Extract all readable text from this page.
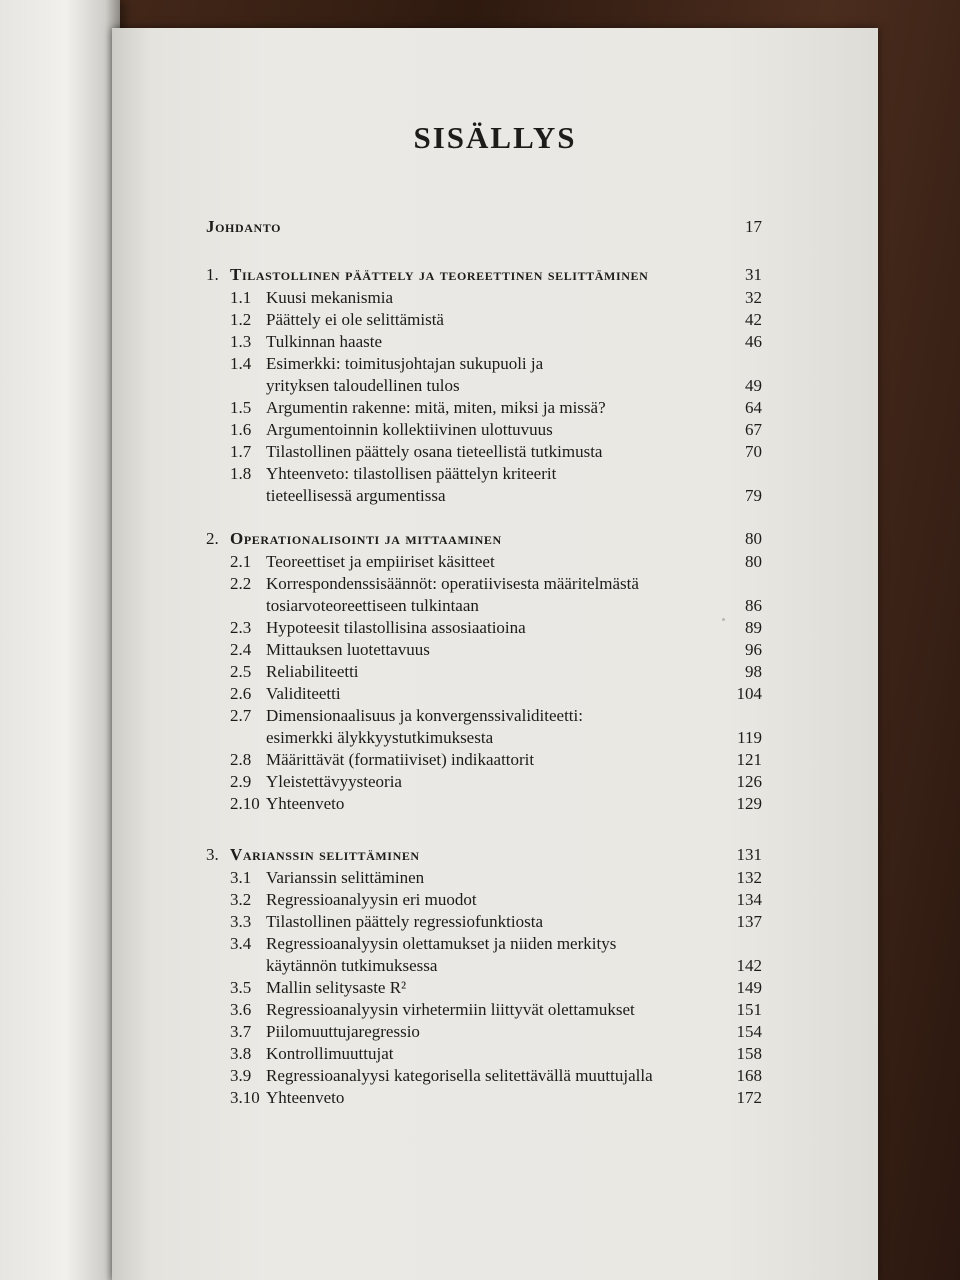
SISÄLLYS
Johdanto	17
1. Tilastollinen päättely ja teoreettinen selittäminen	31
1.1 Kuusi mekanismia	32
1.2 Päättely ei ole selittämistä	42
1.3 Tulkinnan haaste	46
1.4 Esimerkki: toimitusjohtajan sukupuoli ja
yrityksen taloudellinen tulos	49
1.5 Argumentin rakenne: mitä, miten, miksi ja missä?	64
1.6 Argumentoinnin kollektiivinen ulottuvuus	67
1.7 Tilastollinen päättely osana tieteellistä tutkimusta	70
1.8 Yhteenveto: tilastollisen päättelyn kriteerit
tieteellisessä argumentissa	79
2. Operationalisointi ja mittaaminen	80
2.1 Teoreettiset ja empiiriset käsitteet	80
2.2 Korrespondenssisäännöt: operatiivisesta määritelmästä
tosiarvoteoreettiseen tulkintaan	86
2.3 Hypoteesit tilastollisina assosiaatioina	89
2.4 Mittauksen luotettavuus	96
2.5 Reliabiliteetti	98
2.6 Validiteetti	104
2.7 Dimensionaalisuus ja konvergenssivaliditeetti:
esimerkki älykkyystutkimuksesta	119
2.8 Määrittävät (formatiiviset) indikaattorit	121
2.9 Yleistettävyysteoria	126
2.10 Yhteenveto	129
3. Varianssin selittäminen	131
3.1 Varianssin selittäminen	132
3.2 Regressioanalyysin eri muodot	134
3.3 Tilastollinen päättely regressiofunktiosta	137
3.4 Regressioanalyysin olettamukset ja niiden merkitys
käytännön tutkimuksessa	142
3.5 Mallin selitysaste R²	149
3.6 Regressioanalyysin virhetermiin liittyvät olettamukset	151
3.7 Piilomuuttujaregressio	154
3.8 Kontrollimuuttujat	158
3.9 Regressioanalyysi kategorisella selitettävällä muuttujalla	168
3.10 Yhteenveto	172
